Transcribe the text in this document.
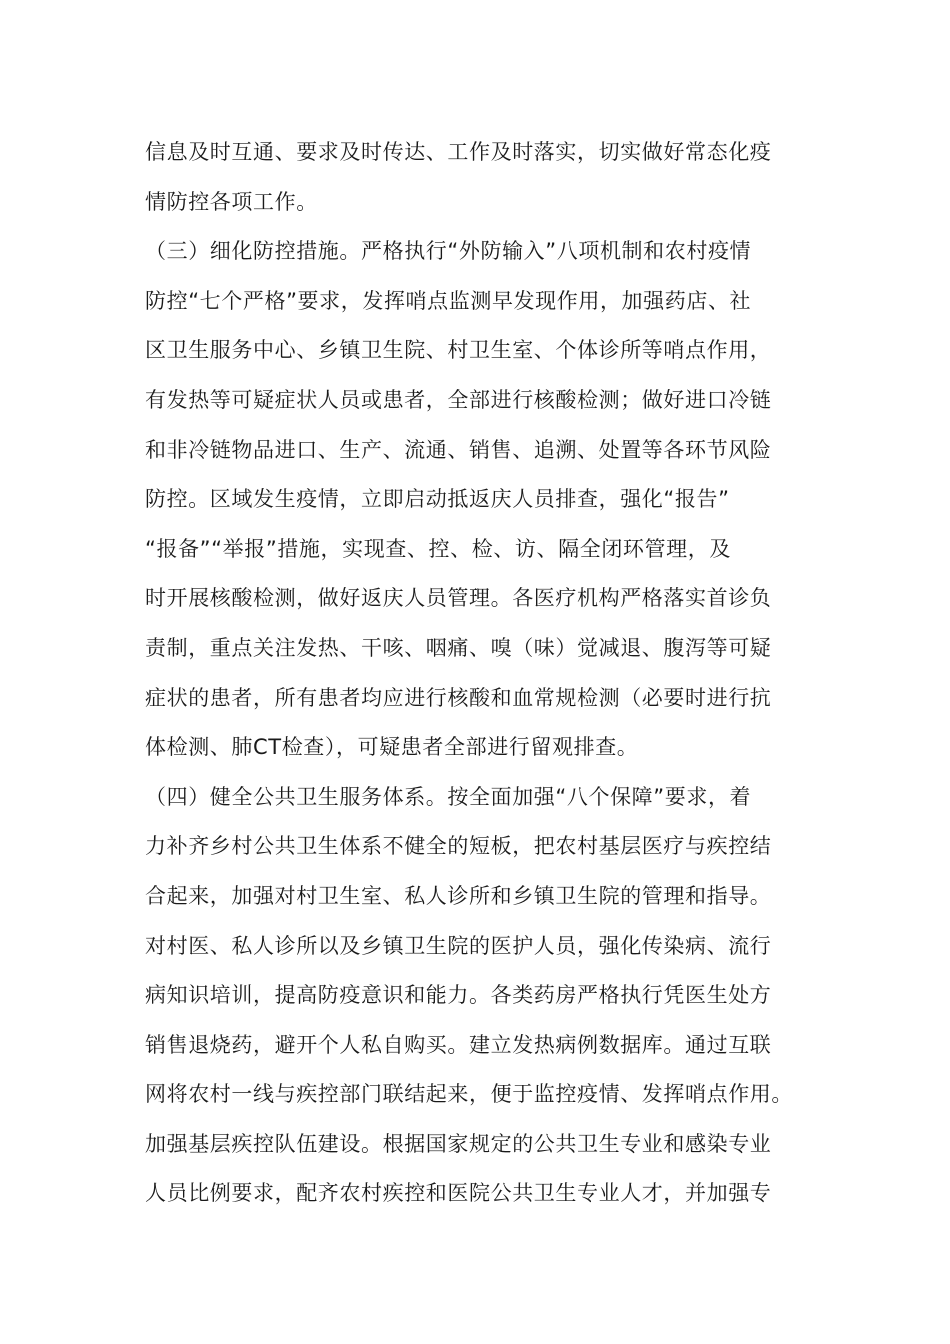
信息及时互通、要求及时传达、工作及时落实，切实做好常态化疫
情防控各项工作。
（三）细化防控措施。严格执行“外防输入”八项机制和农村疫情
防控“七个严格”要求，发挥哨点监测早发现作用，加强药店、社
区卫生服务中心、乡镇卫生院、村卫生室、个体诊所等哨点作用，
有发热等可疑症状人员或患者，全部进行核酸检测；做好进口冷链
和非冷链物品进口、生产、流通、销售、追溯、处置等各环节风险
防控。区域发生疫情，立即启动抵返庆人员排查，强化“报告”
“报备”“举报”措施，实现查、控、检、访、隔全闭环管理，及
时开展核酸检测，做好返庆人员管理。各医疗机构严格落实首诊负
责制，重点关注发热、干咳、咽痛、嗅（味）觉减退、腹泻等可疑
症状的患者，所有患者均应进行核酸和血常规检测（必要时进行抗
体检测、肺CT检查），可疑患者全部进行留观排查。
（四）健全公共卫生服务体系。按全面加强“八个保障”要求，着
力补齐乡村公共卫生体系不健全的短板，把农村基层医疗与疾控结
合起来，加强对村卫生室、私人诊所和乡镇卫生院的管理和指导。
对村医、私人诊所以及乡镇卫生院的医护人员，强化传染病、流行
病知识培训，提高防疫意识和能力。各类药房严格执行凭医生处方
销售退烧药，避开个人私自购买。建立发热病例数据库。通过互联
网将农村一线与疾控部门联结起来，便于监控疫情、发挥哨点作用。
加强基层疾控队伍建设。根据国家规定的公共卫生专业和感染专业
人员比例要求，配齐农村疾控和医院公共卫生专业人才，并加强专
